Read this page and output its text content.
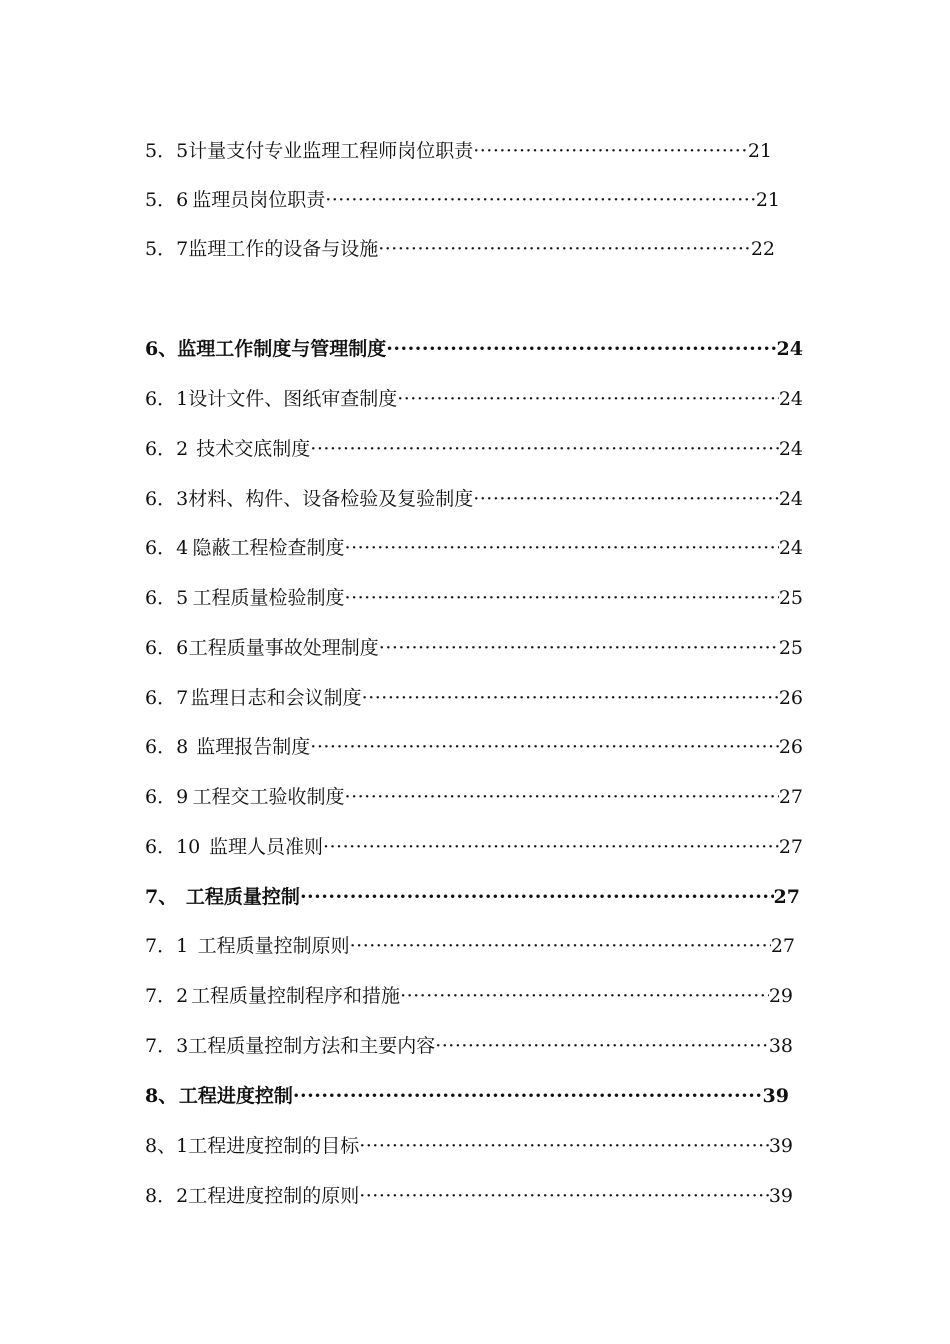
5．5 计量支付专业监理工程师岗位职责 ·····	21
5．6 监理员岗位职责 ·····	21
5．7 监理工作的设备与设施 ·····	22
6、 监理工作制度与管理制度 ·····	24
6．1 设计文件、图纸审查制度 ·····	24
6．2 技术交底制度 ·····	24
6．3 材料、构件、设备检验及复验制度 ·····	24
6．4 隐蔽工程检查制度 ·····	24
6．5 工程质量检验制度 ·····	25
6．6 工程质量事故处理制度 ·····	25
6．7 监理日志和会议制度 ·····	26
6．8 监理报告制度 ·····	26
6．9 工程交工验收制度 ·····	27
6．10 监理人员准则 ·····	27
7、 工程质量控制 ·····	27
7．1 工程质量控制原则 ·····	27
7．2 工程质量控制程序和措施 ·····	29
7．3 工程质量控制方法和主要内容 ·····	38
8、 工程进度控制 ·····	39
8、1 工程进度控制的目标 ·····	39
8．2 工程进度控制的原则 ·····	39
